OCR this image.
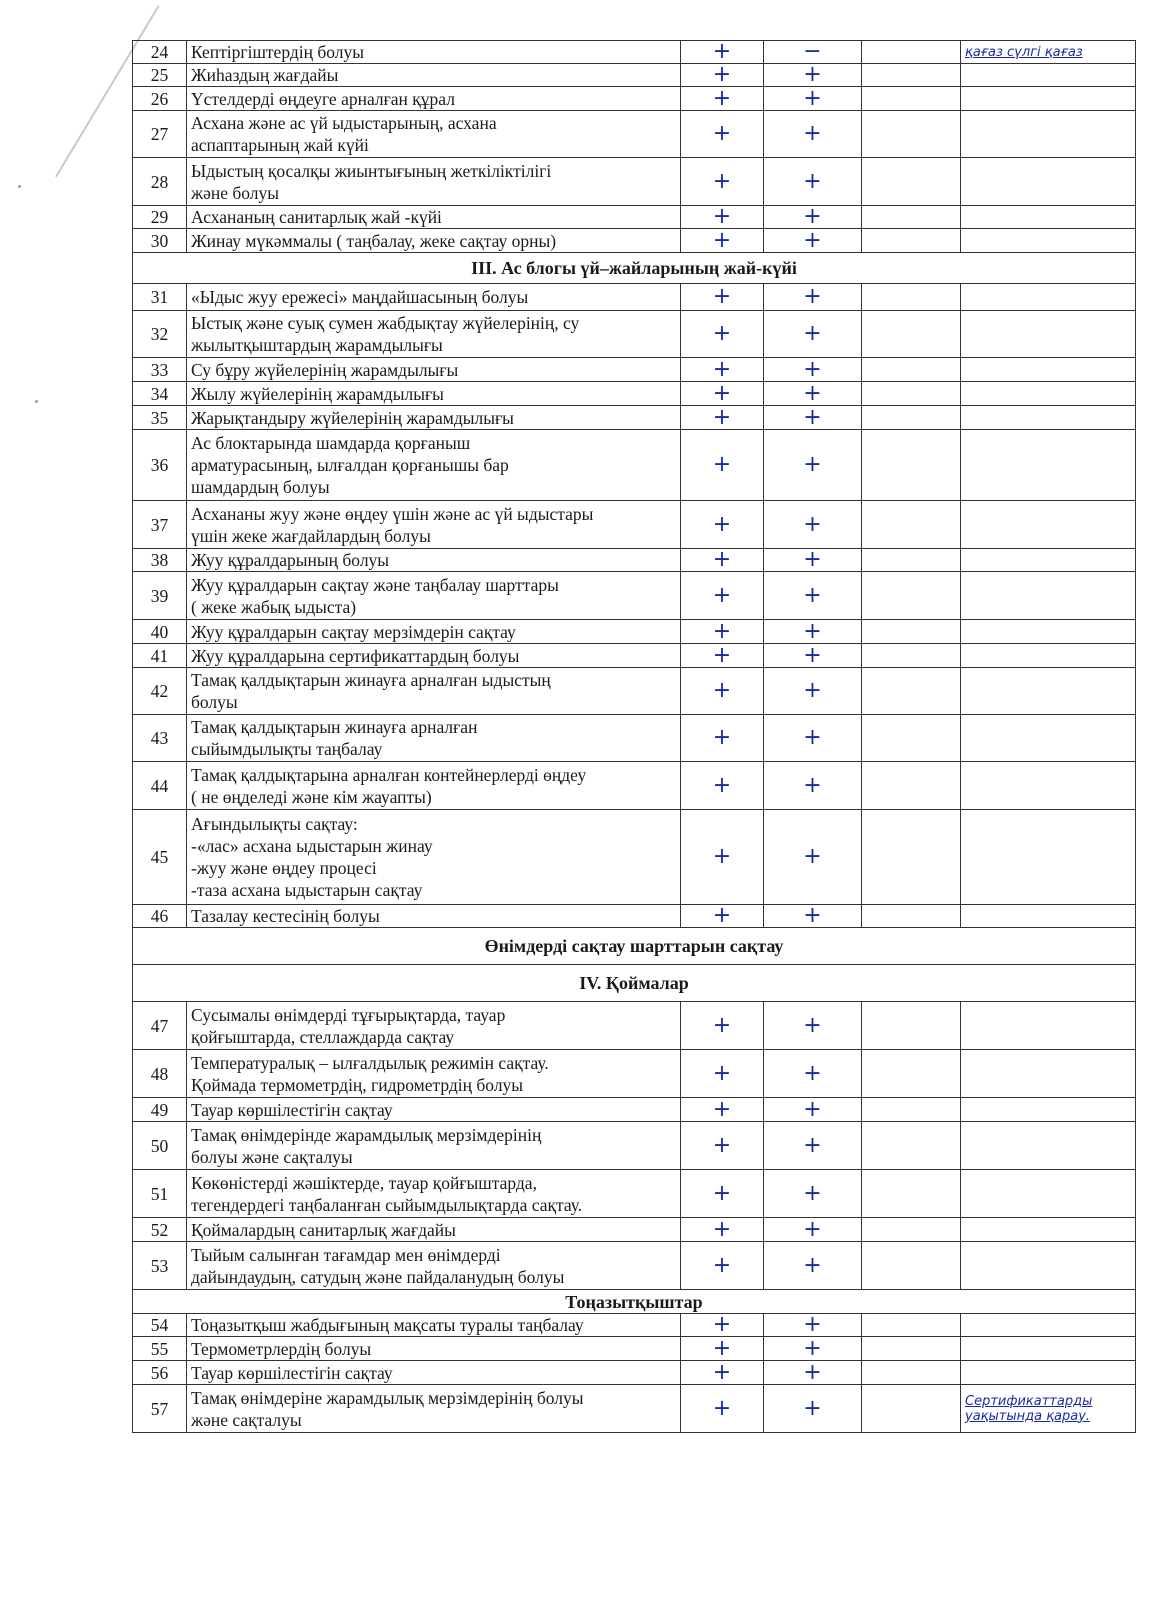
24	Кептіргіштердің болуы	+	−		қағаз сүлгі қағаз
25	Жиһаздың жағдайы	+	+		
26	Үстелдерді өңдеуге арналған құрал	+	+		
27	Асхана және ас үй ыдыстарының, асхана
аспаптарының жай күйі	+	+		
28	Ыдыстың қосалқы жиынтығының жеткіліктілігі
және болуы	+	+		
29	Асхананың санитарлық жай -күйі	+	+		
30	Жинау мүкәммалы ( таңбалау, жеке сақтау орны)	+	+		
III. Ас блогы үй–жайларының жай-күйі					
31	«Ыдыс жуу ережесі» маңдайшасының болуы	+	+		
32	Ыстық және суық сумен жабдықтау жүйелерінің, су
жылытқыштардың жарамдылығы	+	+		
33	Су бұру жүйелерінің жарамдылығы	+	+		
34	Жылу жүйелерінің жарамдылығы	+	+		
35	Жарықтандыру жүйелерінің жарамдылығы	+	+		
36	Ас блоктарында шамдарда қорғаныш
арматурасының, ылғалдан қорғанышы бар
шамдардың болуы	+	+		
37	Асхананы жуу және өңдеу үшін және ас үй ыдыстары
үшін жеке жағдайлардың болуы	+	+		
38	Жуу құралдарының болуы	+	+		
39	Жуу құралдарын сақтау және таңбалау шарттары
( жеке жабық ыдыста)	+	+		
40	Жуу құралдарын сақтау мерзімдерін сақтау	+	+		
41	Жуу құралдарына сертификаттардың болуы	+	+		
42	Тамақ қалдықтарын жинауға арналған ыдыстың
болуы	+	+		
43	Тамақ қалдықтарын жинауға арналған
сыйымдылықты таңбалау	+	+		
44	Тамақ қалдықтарына арналған контейнерлерді өңдеу
( не өңделеді және кім жауапты)	+	+		
45	Ағындылықты сақтау:
-«лас» асхана ыдыстарын жинау
-жуу және өңдеу процесі
-таза асхана ыдыстарын сақтау	+	+		
46	Тазалау кестесінің болуы	+	+		
Өнімдерді сақтау шарттарын сақтау					
IV. Қоймалар					
47	Сусымалы өнімдерді тұғырықтарда, тауар
қойғыштарда, стеллаждарда сақтау	+	+		
48	Температуралық – ылғалдылық режимін сақтау.
Қоймада термометрдің, гидрометрдің болуы	+	+		
49	Тауар көршілестігін сақтау	+	+		
50	Тамақ өнімдерінде жарамдылық мерзімдерінің
болуы және сақталуы	+	+		
51	Көкөністерді жәшіктерде, тауар қойғыштарда,
тегендердегі таңбаланған сыйымдылықтарда сақтау.	+	+		
52	Қоймалардың санитарлық жағдайы	+	+		
53	Тыйым салынған тағамдар мен өнімдерді
дайындаудың, сатудың және пайдаланудың болуы	+	+		
Тоңазытқыштар					
54	Тоңазытқыш жабдығының мақсаты туралы таңбалау	+	+		
55	Термометрлердің болуы	+	+		
56	Тауар көршілестігін сақтау	+	+		
57	Тамақ өнімдеріне жарамдылық мерзімдерінің болуы
және сақталуы	+	+		Сертификаттарды уақытында қарау.
